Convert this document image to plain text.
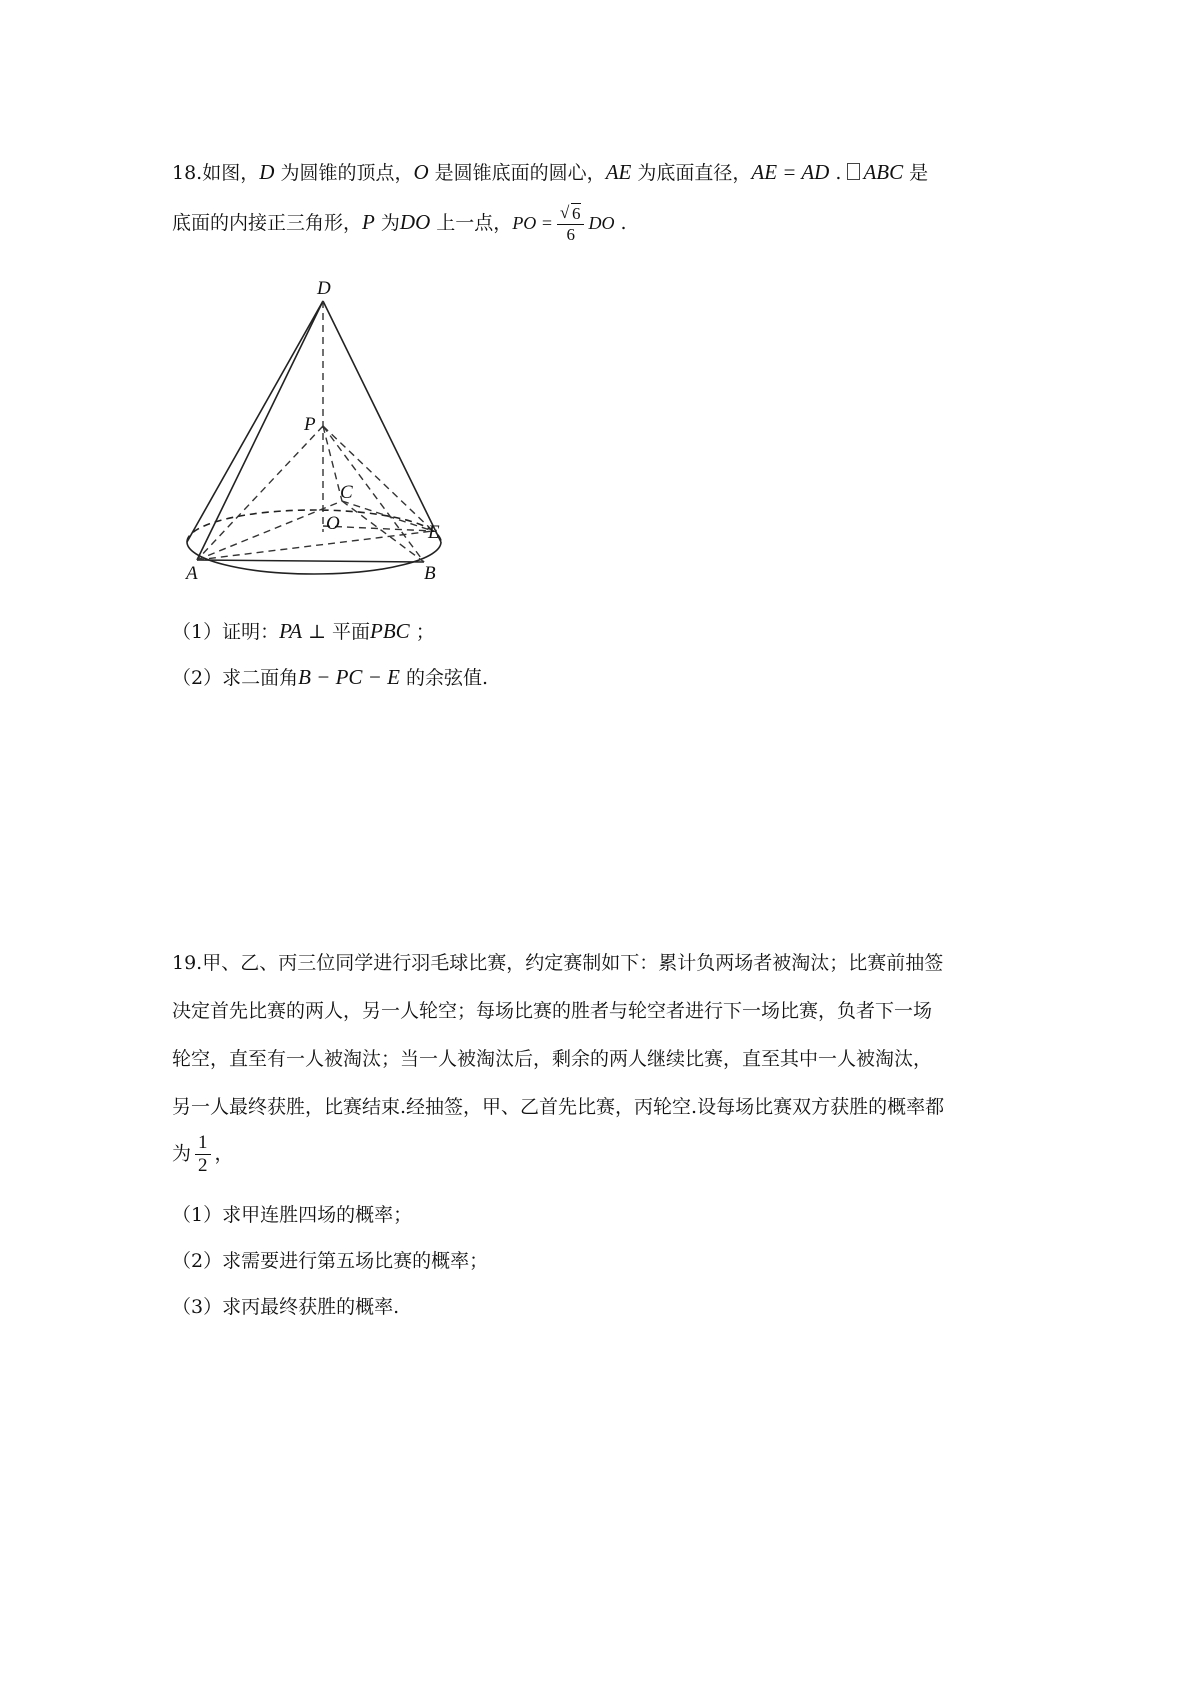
18.如图，D 为圆锥的顶点，O 是圆锥底面的圆心，AE 为底面直径，AE = AD . ABC 是
底面的内接正三角形，P 为DO 上一点，PO =
√ $\frac{6}{6}$ DO .
D
P
C
O	E
A	B
（1）证明：PA ⊥ 平面PBC ；
（2）求二面角B − PC − E 的余弦值.
19.甲、乙、丙三位同学进行羽毛球比赛，约定赛制如下：累计负两场者被淘汰；比赛前抽签
决定首先比赛的两人，另一人轮空；每场比赛的胜者与轮空者进行下一场比赛，负者下一场
轮空，直至有一人被淘汰；当一人被淘汰后，剩余的两人继续比赛，直至其中一人被淘汰，
另一人最终获胜，比赛结束.经抽签，甲、乙首先比赛，丙轮空.设每场比赛双方获胜的概率都
为 $\frac{1}{2}$ ，
（1）求甲连胜四场的概率；
（2）求需要进行第五场比赛的概率；
（3）求丙最终获胜的概率.
